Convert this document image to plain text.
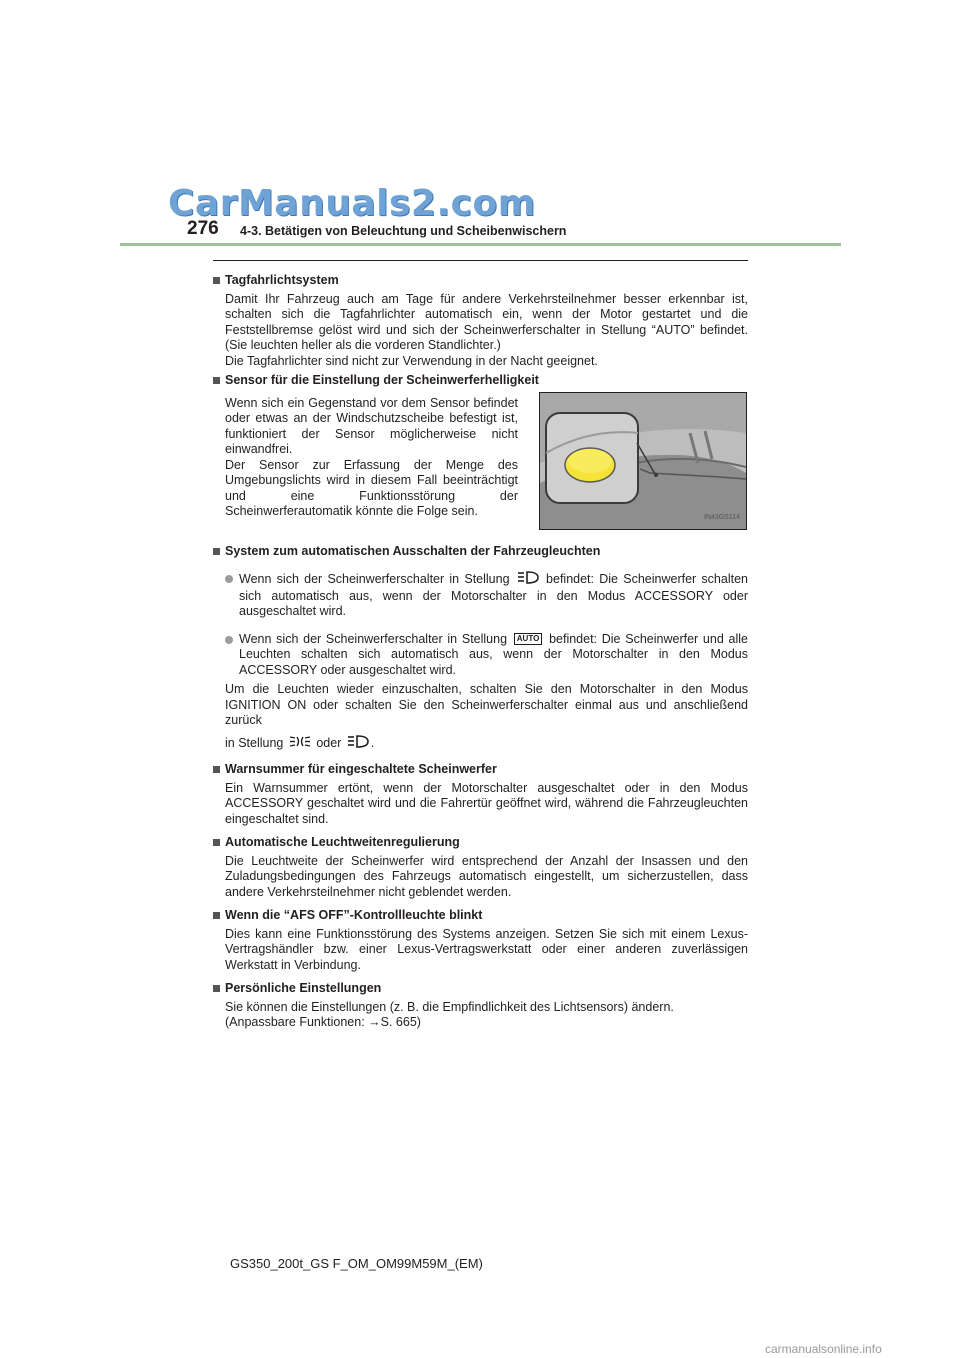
CarManuals2.com
276 4-3. Betätigen von Beleuchtung und Scheibenwischern
Tagfahrlichtsystem
Damit Ihr Fahrzeug auch am Tage für andere Verkehrsteilnehmer besser erkennbar ist, schalten sich die Tagfahrlichter automatisch ein, wenn der Motor gestartet und die Feststellbremse gelöst wird und sich der Scheinwerferschalter in Stellung “AUTO” befindet. (Sie leuchten heller als die vorderen Standlichter.)
Die Tagfahrlichter sind nicht zur Verwendung in der Nacht geeignet.
Sensor für die Einstellung der Scheinwerferhelligkeit
Wenn sich ein Gegenstand vor dem Sensor befindet oder etwas an der Windschutzscheibe befestigt ist, funktioniert der Sensor möglicherweise nicht einwandfrei.
Der Sensor zur Erfassung der Menge des Umgebungslichts wird in diesem Fall beeinträchtigt und eine Funktionsstörung der Scheinwerferautomatik könnte die Folge sein.	IN43GS114
System zum automatischen Ausschalten der Fahrzeugleuchten
Wenn sich der Scheinwerferschalter in Stellung	befindet: Die Scheinwerfer schalten sich automatisch aus, wenn der Motorschalter in den Modus ACCESSORY oder ausgeschaltet wird.
Wenn sich der Scheinwerferschalter in Stellung AUTO befindet: Die Scheinwerfer und alle Leuchten schalten sich automatisch aus, wenn der Motorschalter in den Modus ACCESSORY oder ausgeschaltet wird.
Um die Leuchten wieder einzuschalten, schalten Sie den Motorschalter in den Modus IGNITION ON oder schalten Sie den Scheinwerferschalter einmal aus und anschließend zurück
in Stellung	oder .
Warnsummer für eingeschaltete Scheinwerfer
Ein Warnsummer ertönt, wenn der Motorschalter ausgeschaltet oder in den Modus ACCESSORY geschaltet wird und die Fahrertür geöffnet wird, während die Fahrzeugleuchten eingeschaltet sind.
Automatische Leuchtweitenregulierung
Die Leuchtweite der Scheinwerfer wird entsprechend der Anzahl der Insassen und den Zuladungsbedingungen des Fahrzeugs automatisch eingestellt, um sicherzustellen, dass andere Verkehrsteilnehmer nicht geblendet werden.
Wenn die “AFS OFF”-Kontrollleuchte blinkt
Dies kann eine Funktionsstörung des Systems anzeigen. Setzen Sie sich mit einem Lexus-Vertragshändler bzw. einer Lexus-Vertragswerkstatt oder einer anderen zuverlässigen Werkstatt in Verbindung.
Persönliche Einstellungen
Sie können die Einstellungen (z. B. die Empfindlichkeit des Lichtsensors) ändern.
(Anpassbare Funktionen: →S. 665)
GS350_200t_GS F_OM_OM99M59M_(EM)
carmanualsonline.info
